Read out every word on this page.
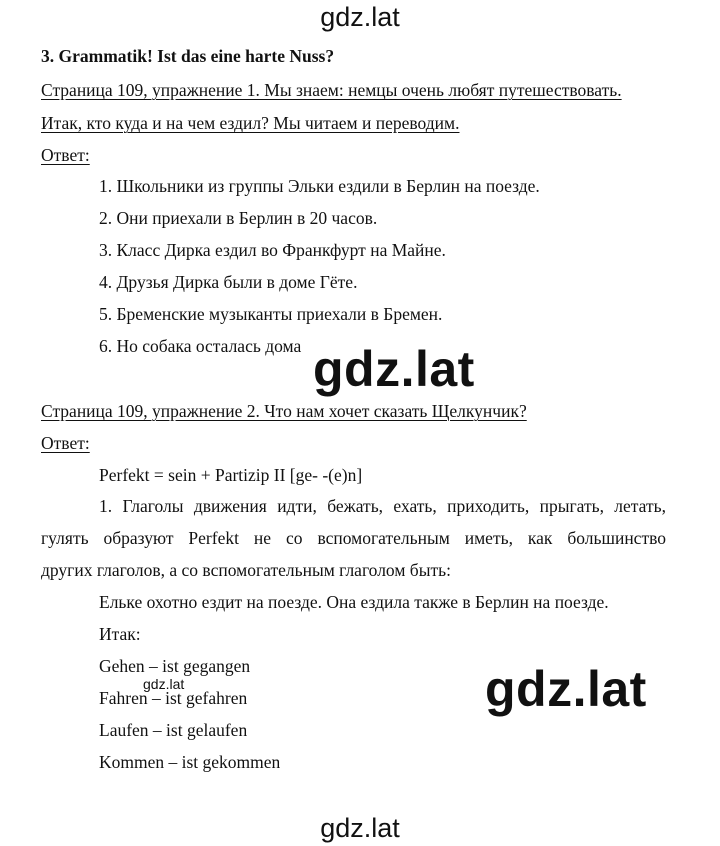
gdz.lat
gdz.lat
gdz.lat
gdz.lat
gdz.lat
3. Grammatik! Ist das eine harte Nuss?
Страница 109, упражнение 1. Мы знаем: немцы очень любят путешествовать.
Итак, кто куда и на чем ездил? Мы читаем и переводим.
Ответ:
1. Школьники из группы Эльки ездили в Берлин на поезде.
2. Они приехали в Берлин в 20 часов.
3. Класс Дирка ездил во Франкфурт на Майне.
4. Друзья Дирка были в доме Гёте.
5. Бременские музыканты приехали в Бремен.
6. Но собака осталась дома
Страница 109, упражнение 2. Что нам хочет сказать Щелкунчик?
Ответ:
Perfekt = sein + Partizip II [ge- -(e)n]
1. Глаголы движения идти, бежать, ехать, приходить, прыгать, летать,
гулять образуют Perfekt не со вспомогательным иметь, как большинство
других глаголов, а со вспомогательным глаголом быть:
Ельке охотно ездит на поезде. Она ездила также в Берлин на поезде.
Итак:
Gehen – ist gegangen
Fahren – ist gefahren
Laufen – ist gelaufen
Kommen – ist gekommen
